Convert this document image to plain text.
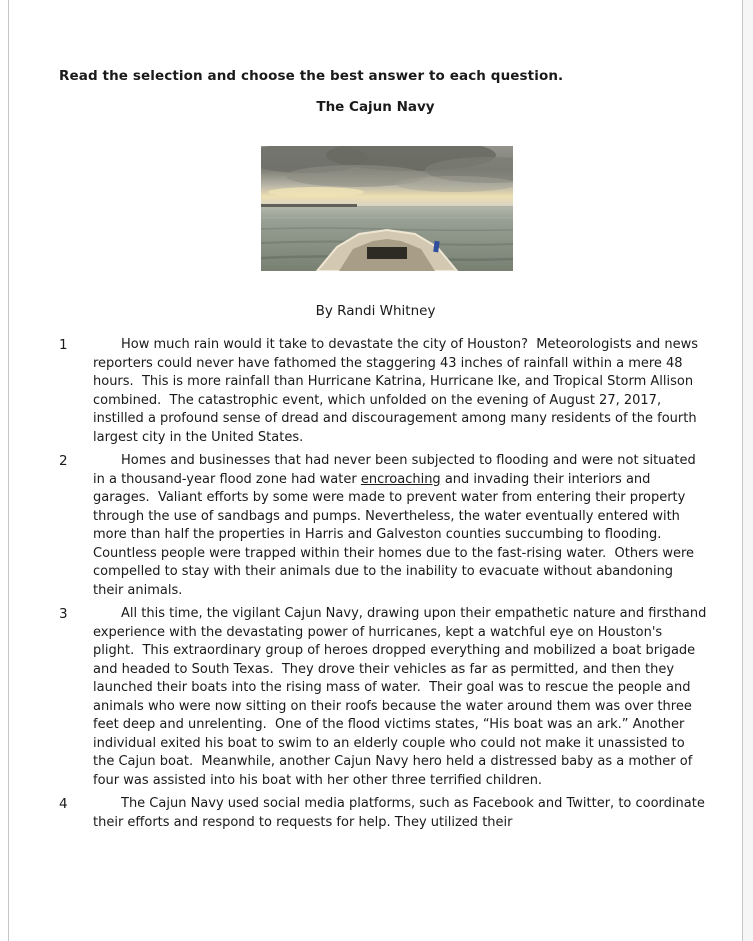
Read the selection and choose the best answer to each question.
The Cajun Navy
By Randi Whitney
1	How much rain would it take to devastate the city of Houston?  Meteorologists and news reporters could never have fathomed the staggering 43 inches of rainfall within a mere 48 hours.  This is more rainfall than Hurricane Katrina, Hurricane Ike, and Tropical Storm Allison combined.  The catastrophic event, which unfolded on the evening of August 27, 2017, instilled a profound sense of dread and discouragement among many residents of the fourth largest city in the United States.
2	Homes and businesses that had never been subjected to flooding and were not situated in a thousand-year flood zone had water encroaching and invading their interiors and garages.  Valiant efforts by some were made to prevent water from entering their property through the use of sandbags and pumps. Nevertheless, the water eventually entered with more than half the properties in Harris and Galveston counties succumbing to flooding.  Countless people were trapped within their homes due to the fast-rising water.  Others were compelled to stay with their animals due to the inability to evacuate without abandoning their animals.
3	All this time, the vigilant Cajun Navy, drawing upon their empathetic nature and firsthand experience with the devastating power of hurricanes, kept a watchful eye on Houston's plight.  This extraordinary group of heroes dropped everything and mobilized a boat brigade and headed to South Texas.  They drove their vehicles as far as permitted, and then they launched their boats into the rising mass of water.  Their goal was to rescue the people and animals who were now sitting on their roofs because the water around them was over three feet deep and unrelenting.  One of the flood victims states, “His boat was an ark.” Another individual exited his boat to swim to an elderly couple who could not make it unassisted to the Cajun boat.  Meanwhile, another Cajun Navy hero held a distressed baby as a mother of four was assisted into his boat with her other three terrified children.
4	The Cajun Navy used social media platforms, such as Facebook and Twitter, to coordinate their efforts and respond to requests for help. They utilized their
